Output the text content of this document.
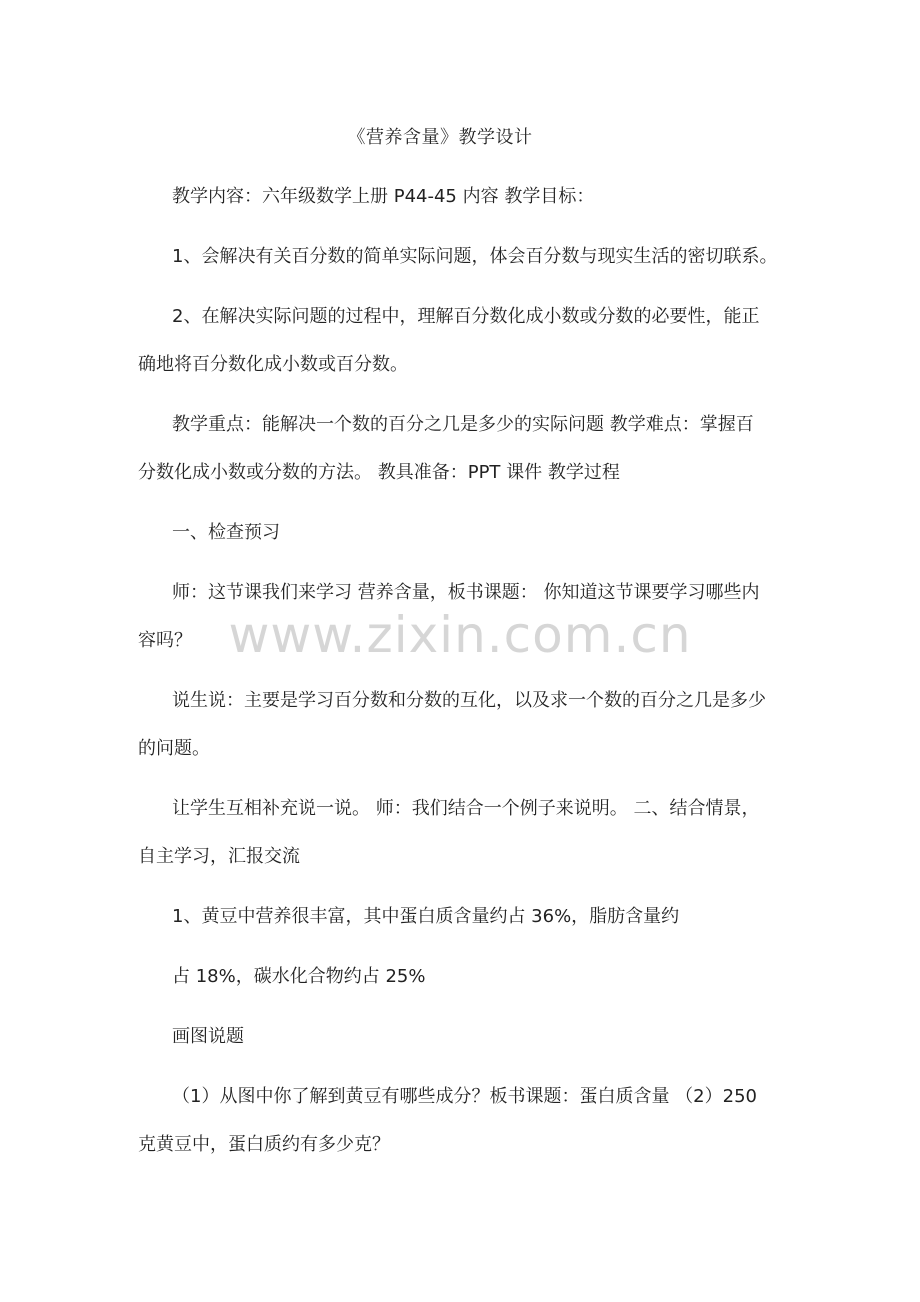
《营养含量》教学设计
教学内容：六年级数学上册 P44-45 内容 教学目标：
1、会解决有关百分数的简单实际问题，体会百分数与现实生活的密切联系。
2、在解决实际问题的过程中，理解百分数化成小数或分数的必要性，能正
确地将百分数化成小数或百分数。
教学重点：能解决一个数的百分之几是多少的实际问题 教学难点：掌握百
分数化成小数或分数的方法。 教具准备：PPT 课件 教学过程
一、检查预习
师：这节课我们来学习 营养含量，板书课题： 你知道这节课要学习哪些内
容吗？
说生说：主要是学习百分数和分数的互化，以及求一个数的百分之几是多少
的问题。
让学生互相补充说一说。 师：我们结合一个例子来说明。 二、结合情景，
自主学习，汇报交流
1、黄豆中营养很丰富，其中蛋白质含量约占 36%，脂肪含量约
占 18%，碳水化合物约占 25%
画图说题
（1）从图中你了解到黄豆有哪些成分？板书课题：蛋白质含量 （2）250
克黄豆中，蛋白质约有多少克？
www.zixin.com.cn
